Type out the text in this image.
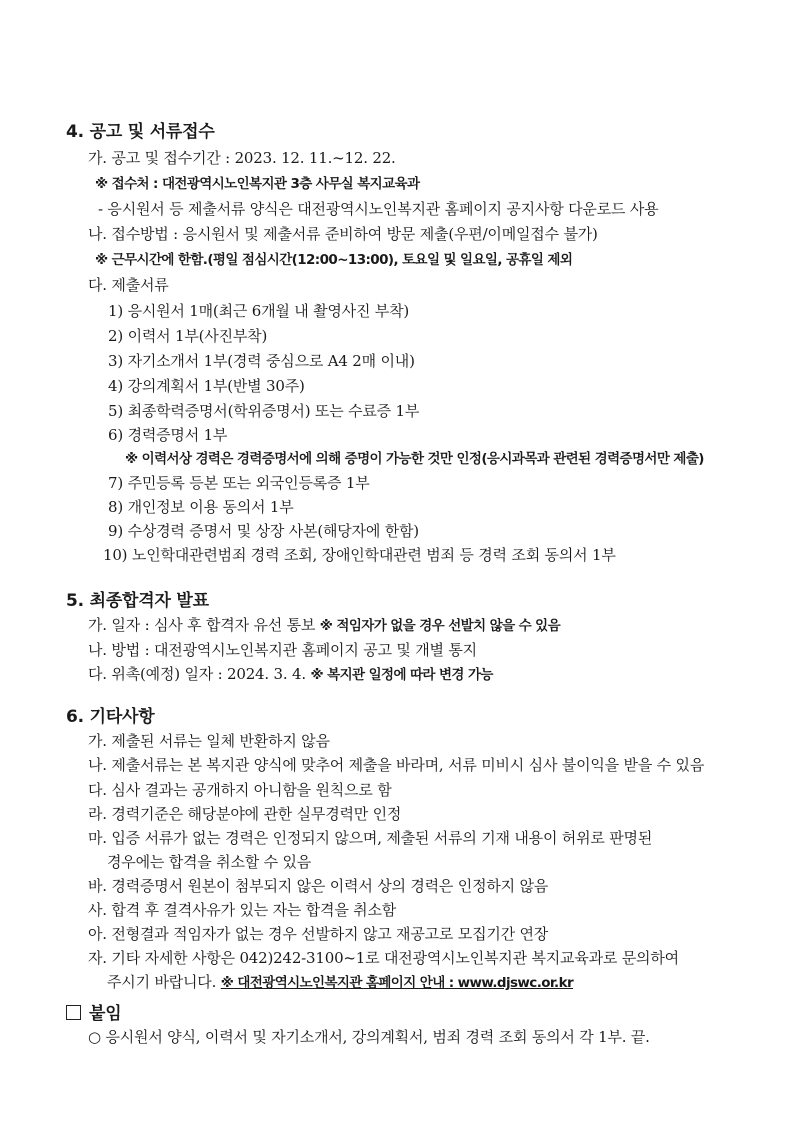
4. 공고 및 서류접수
가. 공고 및 접수기간 : 2023. 12. 11.~12. 22.
※ 접수처 : 대전광역시노인복지관 3층 사무실 복지교육과
- 응시원서 등 제출서류 양식은 대전광역시노인복지관 홈페이지 공지사항 다운로드 사용
나. 접수방법 : 응시원서 및 제출서류 준비하여 방문 제출(우편/이메일접수 불가)
※ 근무시간에 한함.(평일 점심시간(12:00~13:00), 토요일 및 일요일, 공휴일 제외
다. 제출서류
1) 응시원서 1매(최근 6개월 내 촬영사진 부착)
2) 이력서 1부(사진부착)
3) 자기소개서 1부(경력 중심으로 A4 2매 이내)
4) 강의계획서 1부(반별 30주)
5) 최종학력증명서(학위증명서) 또는 수료증 1부
6) 경력증명서 1부
※ 이력서상 경력은 경력증명서에 의해 증명이 가능한 것만 인정(응시과목과 관련된 경력증명서만 제출)
7) 주민등록 등본 또는 외국인등록증 1부
8) 개인정보 이용 동의서 1부
9) 수상경력 증명서 및 상장 사본(해당자에 한함)
10) 노인학대관련범죄 경력 조회, 장애인학대관련 범죄 등 경력 조회 동의서 1부
5. 최종합격자 발표
가. 일자 : 심사 후 합격자 유선 통보 ※ 적임자가 없을 경우 선발치 않을 수 있음
나. 방법 : 대전광역시노인복지관 홈페이지 공고 및 개별 통지
다. 위촉(예정) 일자 : 2024. 3. 4. ※ 복지관 일정에 따라 변경 가능
6. 기타사항
가. 제출된 서류는 일체 반환하지 않음
나. 제출서류는 본 복지관 양식에 맞추어 제출을 바라며, 서류 미비시 심사 불이익을 받을 수 있음
다. 심사 결과는 공개하지 아니함을 원칙으로 함
라. 경력기준은 해당분야에 관한 실무경력만 인정
마. 입증 서류가 없는 경력은 인정되지 않으며, 제출된 서류의 기재 내용이 허위로 판명된
경우에는 합격을 취소할 수 있음
바. 경력증명서 원본이 첨부되지 않은 이력서 상의 경력은 인정하지 않음
사. 합격 후 결격사유가 있는 자는 합격을 취소함
아. 전형결과 적임자가 없는 경우 선발하지 않고 재공고로 모집기간 연장
자. 기타 자세한 사항은 042)242-3100~1로 대전광역시노인복지관 복지교육과로 문의하여
주시기 바랍니다. ※ 대전광역시노인복지관 홈페이지 안내 : www.djswc.or.kr
붙임
○ 응시원서 양식, 이력서 및 자기소개서, 강의계획서, 범죄 경력 조회 동의서 각 1부. 끝.
